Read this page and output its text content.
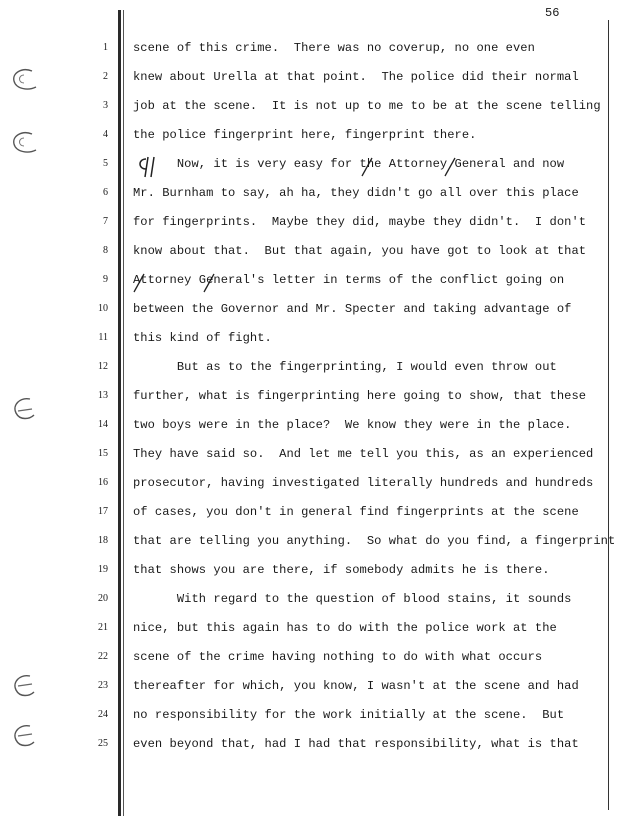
56
1 scene of this crime.  There was no coverup, no one even
2 knew about Urella at that point.  The police did their normal
3 job at the scene.  It is not up to me to be at the scene telling
4 the police fingerprint here, fingerprint there.
5 Now, it is very easy for the Attorney General and now
6 Mr. Burnham to say, ah ha, they didn't go all over this place
7 for fingerprints.  Maybe they did, maybe they didn't.  I don't
8 know about that.  But that again, you have got to look at that
9 Attorney General's letter in terms of the conflict going on
10 between the Governor and Mr. Specter and taking advantage of
11 this kind of fight.
12 But as to the fingerprinting, I would even throw out
13 further, what is fingerprinting here going to show, that these
14 two boys were in the place?  We know they were in the place.
15 They have said so.  And let me tell you this, as an experienced
16 prosecutor, having investigated literally hundreds and hundreds
17 of cases, you don't in general find fingerprints at the scene
18 that are telling you anything.  So what do you find, a fingerprint
19 that shows you are there, if somebody admits he is there.
20 With regard to the question of blood stains, it sounds
21 nice, but this again has to do with the police work at the
22 scene of the crime having nothing to do with what occurs
23 thereafter for which, you know, I wasn't at the scene and had
24 no responsibility for the work initially at the scene.  But
25 even beyond that, had I had that responsibility, what is that
